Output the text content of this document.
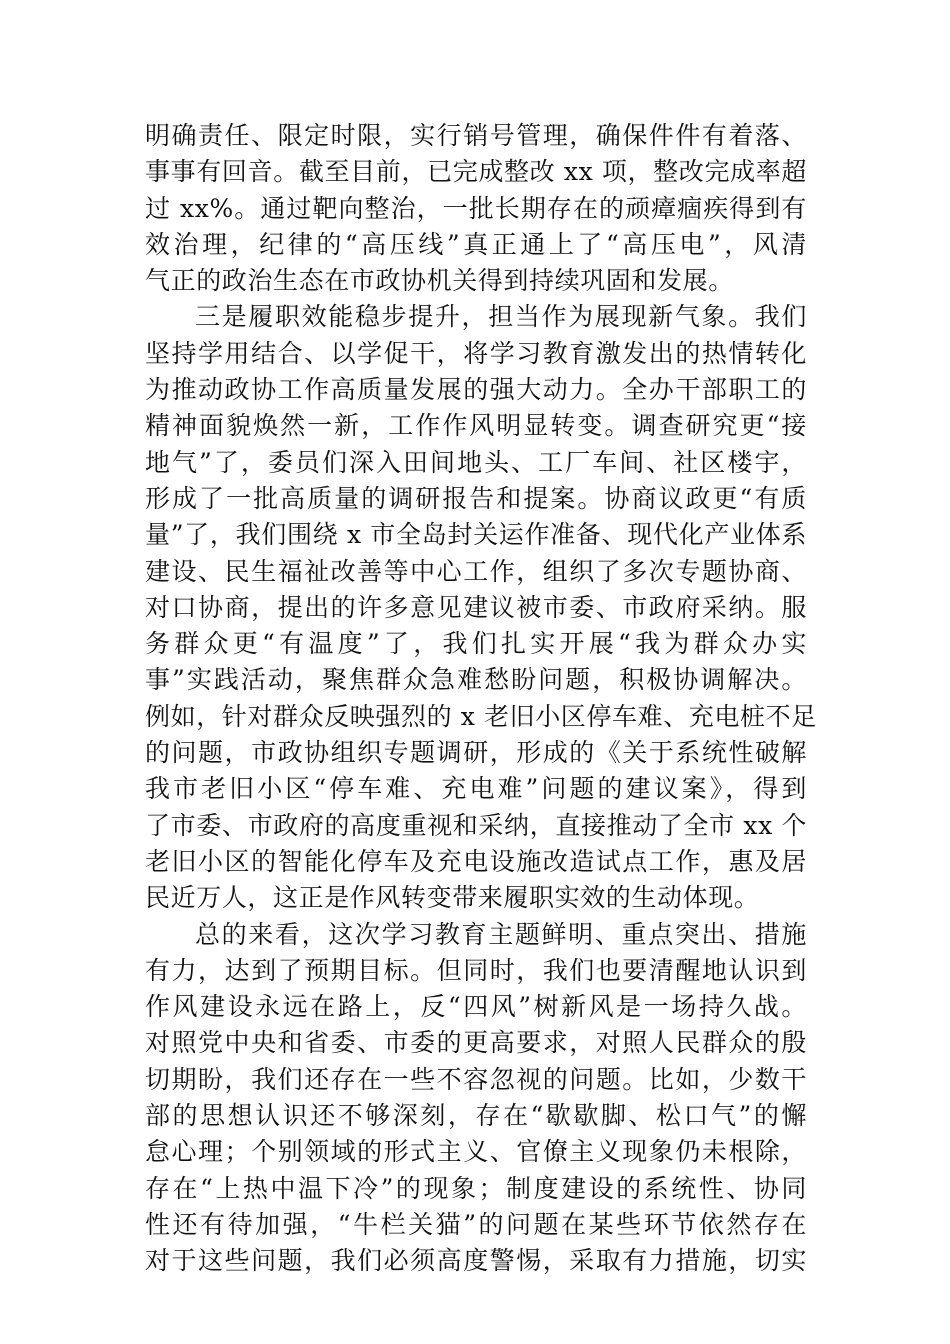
明确责任、限定时限，实行销号管理，确保件件有着落、
事事有回音。截至目前，已完成整改 xx 项，整改完成率超
过 xx%。通过靶向整治，一批长期存在的顽瘴痼疾得到有
效治理，纪律的“高压线”真正通上了“高压电”，风清
气正的政治生态在市政协机关得到持续巩固和发展。
三是履职效能稳步提升，担当作为展现新气象。我们
坚持学用结合、以学促干，将学习教育激发出的热情转化
为推动政协工作高质量发展的强大动力。全办干部职工的
精神面貌焕然一新，工作作风明显转变。调查研究更“接
地气”了，委员们深入田间地头、工厂车间、社区楼宇，
形成了一批高质量的调研报告和提案。协商议政更“有质
量”了，我们围绕 x 市全岛封关运作准备、现代化产业体系
建设、民生福祉改善等中心工作，组织了多次专题协商、
对口协商，提出的许多意见建议被市委、市政府采纳。服
务群众更“有温度”了，我们扎实开展“我为群众办实
事”实践活动，聚焦群众急难愁盼问题，积极协调解决。
例如，针对群众反映强烈的 x 老旧小区停车难、充电桩不足
的问题，市政协组织专题调研，形成的《关于系统性破解
我市老旧小区“停车难、充电难”问题的建议案》，得到
了市委、市政府的高度重视和采纳，直接推动了全市 xx 个
老旧小区的智能化停车及充电设施改造试点工作，惠及居
民近万人，这正是作风转变带来履职实效的生动体现。
总的来看，这次学习教育主题鲜明、重点突出、措施
有力，达到了预期目标。但同时，我们也要清醒地认识到
作风建设永远在路上，反“四风”树新风是一场持久战。
对照党中央和省委、市委的更高要求，对照人民群众的殷
切期盼，我们还存在一些不容忽视的问题。比如，少数干
部的思想认识还不够深刻，存在“歇歇脚、松口气”的懈
怠心理；个别领域的形式主义、官僚主义现象仍未根除，
存在“上热中温下冷”的现象；制度建设的系统性、协同
性还有待加强，“牛栏关猫”的问题在某些环节依然存在
对于这些问题，我们必须高度警惕，采取有力措施，切实
